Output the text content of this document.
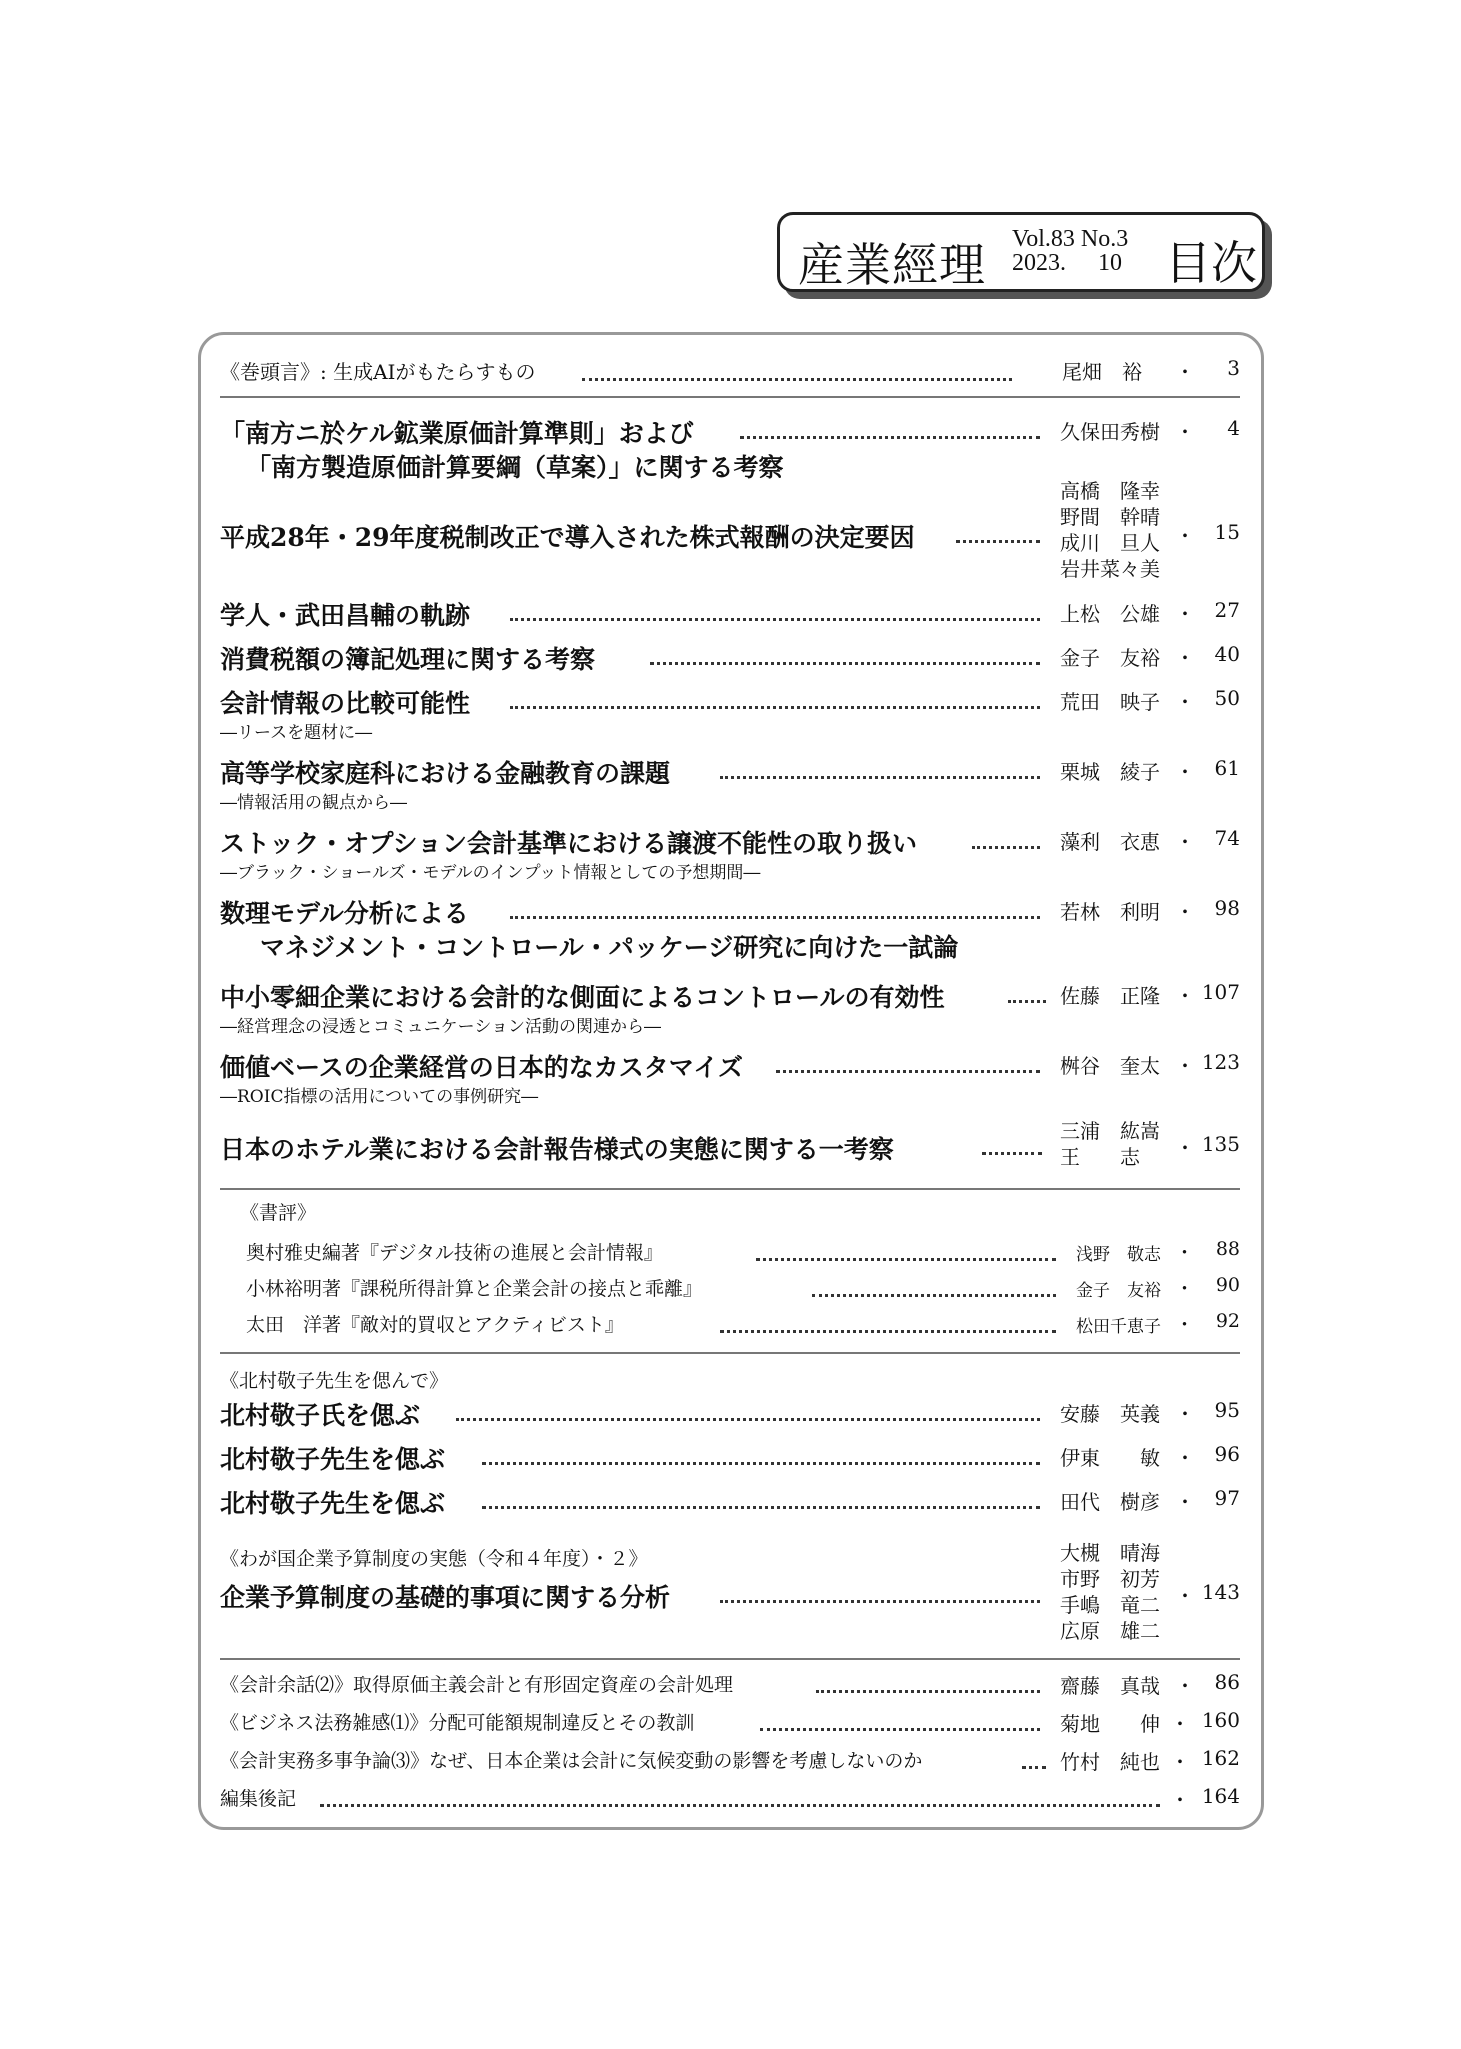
産業經理 Vol.83 No.3
2023. 10 目次
《巻頭言》: 生成AIがもたらすもの	尾畑　裕 ・ 3
「南方ニ於ケル鉱業原価計算準則」および
「南方製造原価計算要綱（草案）」に関する考察
久保田秀樹 ・ 4
平成28年・29年度税制改正で導入された株式報酬の決定要因
高橋　隆幸
野間　幹晴
成川　旦人
岩井菜々美
・ 15
学人・武田昌輔の軌跡	上松　公雄 ・ 27
消費税額の簿記処理に関する考察	金子　友裕 ・ 40
会計情報の比較可能性
―リースを題材に―
荒田　映子 ・ 50
高等学校家庭科における金融教育の課題
―情報活用の観点から―
栗城　綾子 ・ 61
ストック・オプション会計基準における譲渡不能性の取り扱い
―ブラック・ショールズ・モデルのインプット情報としての予想期間―
藻利　衣恵 ・ 74
数理モデル分析による
マネジメント・コントロール・パッケージ研究に向けた一試論
若林　利明 ・ 98
中小零細企業における会計的な側面によるコントロールの有効性
―経営理念の浸透とコミュニケーション活動の関連から―
佐藤　正隆 ・ 107
価値ベースの企業経営の日本的なカスタマイズ
―ROIC指標の活用についての事例研究―
桝谷　奎太 ・ 123
日本のホテル業における会計報告様式の実態に関する一考察
三浦　紘嵩
王　　志	・ 135
《書評》
奥村雅史編著『デジタル技術の進展と会計情報』	浅野　敬志 ・ 88
小林裕明著『課税所得計算と企業会計の接点と乖離』	金子　友裕 ・ 90
太田　洋著『敵対的買収とアクティビスト』	松田千恵子 ・ 92
《北村敬子先生を偲んで》
北村敬子氏を偲ぶ	安藤　英義 ・ 95
北村敬子先生を偲ぶ	伊東　　敏 ・ 96
北村敬子先生を偲ぶ	田代　樹彦 ・ 97
《わが国企業予算制度の実態（令和４年度）・２》
企業予算制度の基礎的事項に関する分析
大槻　晴海
市野　初芳
手嶋　竜二
広原　雄二
・ 143
《会計余話⑵》取得原価主義会計と有形固定資産の会計処理	齋藤　真哉 ・ 86
《ビジネス法務雑感⑴》分配可能額規制違反とその教訓	菊地　　伸 ・ 160
《会計実務多事争論⑶》なぜ、日本企業は会計に気候変動の影響を考慮しないのか	竹村　純也 ・ 162
編集後記	・ 164
